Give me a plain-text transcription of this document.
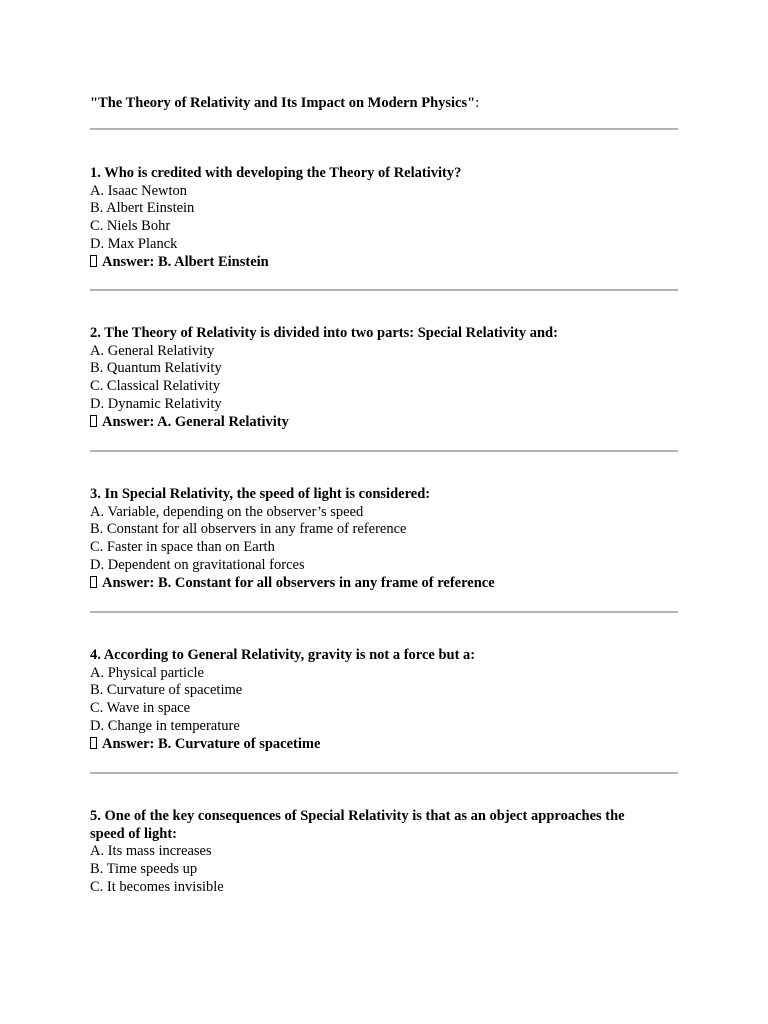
"The Theory of Relativity and Its Impact on Modern Physics":
1. Who is credited with developing the Theory of Relativity?
A. Isaac Newton
B. Albert Einstein
C. Niels Bohr
D. Max Planck
Answer: B. Albert Einstein
2. The Theory of Relativity is divided into two parts: Special Relativity and:
A. General Relativity
B. Quantum Relativity
C. Classical Relativity
D. Dynamic Relativity
Answer: A. General Relativity
3. In Special Relativity, the speed of light is considered:
A. Variable, depending on the observer’s speed
B. Constant for all observers in any frame of reference
C. Faster in space than on Earth
D. Dependent on gravitational forces
Answer: B. Constant for all observers in any frame of reference
4. According to General Relativity, gravity is not a force but a:
A. Physical particle
B. Curvature of spacetime
C. Wave in space
D. Change in temperature
Answer: B. Curvature of spacetime
5. One of the key consequences of Special Relativity is that as an object approaches the speed of light:
A. Its mass increases
B. Time speeds up
C. It becomes invisible
